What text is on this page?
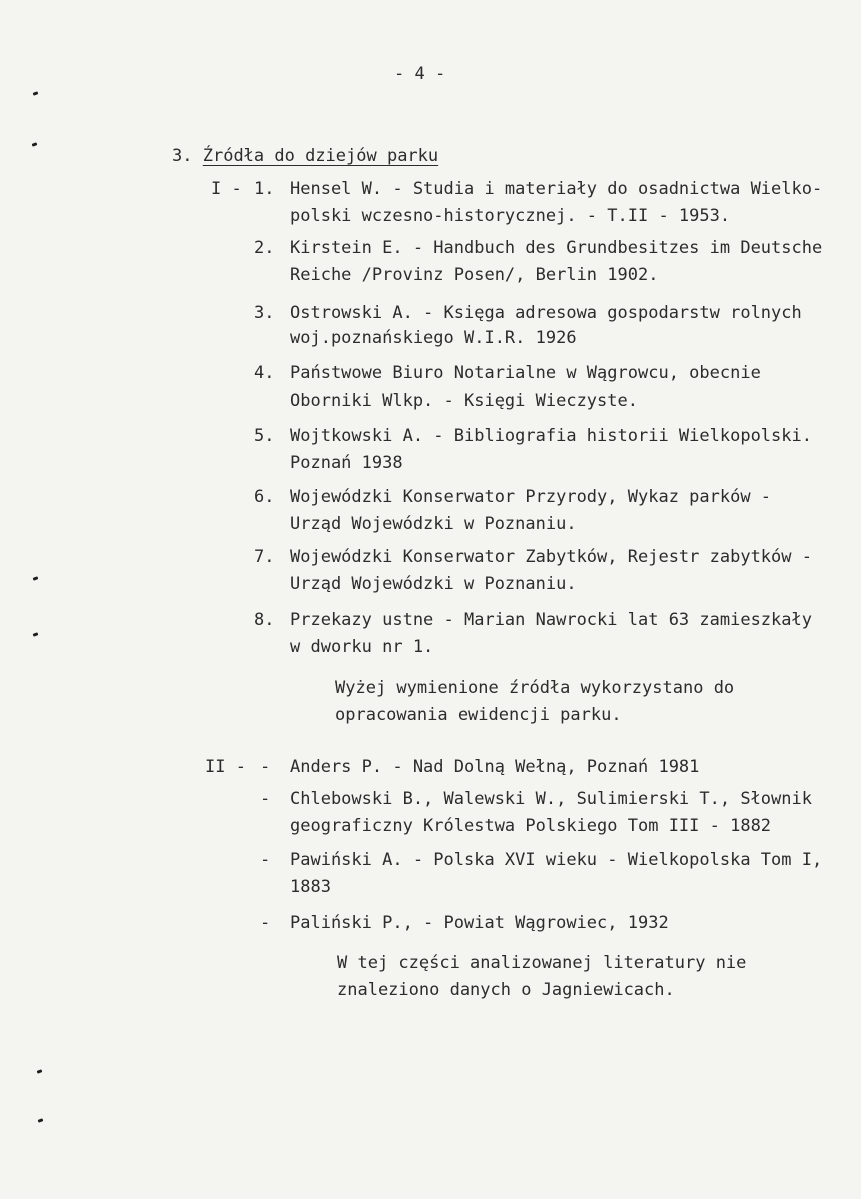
- 4 -
3. Źródła do dziejów parku
I - 1. Hensel W. - Studia i materiały do osadnictwa Wielko-
polski wczesno-historycznej. - T.II - 1953.
2. Kirstein E. - Handbuch des Grundbesitzes im Deutsche
Reiche /Provinz Posen/, Berlin 1902.
3. Ostrowski A. - Księga adresowa gospodarstw rolnych
woj.poznańskiego W.I.R. 1926
4. Państwowe Biuro Notarialne w Wągrowcu, obecnie
Oborniki Wlkp. - Księgi Wieczyste.
5. Wojtkowski A. - Bibliografia historii Wielkopolski.
Poznań 1938
6. Wojewódzki Konserwator Przyrody, Wykaz parków -
Urząd Wojewódzki w Poznaniu.
7. Wojewódzki Konserwator Zabytków, Rejestr zabytków -
Urząd Wojewódzki w Poznaniu.
8. Przekazy ustne - Marian Nawrocki lat 63 zamieszkały
w dworku nr 1.
Wyżej wymienione źródła wykorzystano do
opracowania ewidencji parku.
II - - Anders P. - Nad Dolną Wełną, Poznań 1981
- Chlebowski B., Walewski W., Sulimierski T., Słownik
geograficzny Królestwa Polskiego Tom III - 1882
- Pawiński A. - Polska XVI wieku - Wielkopolska Tom I,
1883
- Paliński P., - Powiat Wągrowiec, 1932
W tej części analizowanej literatury nie
znaleziono danych o Jagniewicach.
